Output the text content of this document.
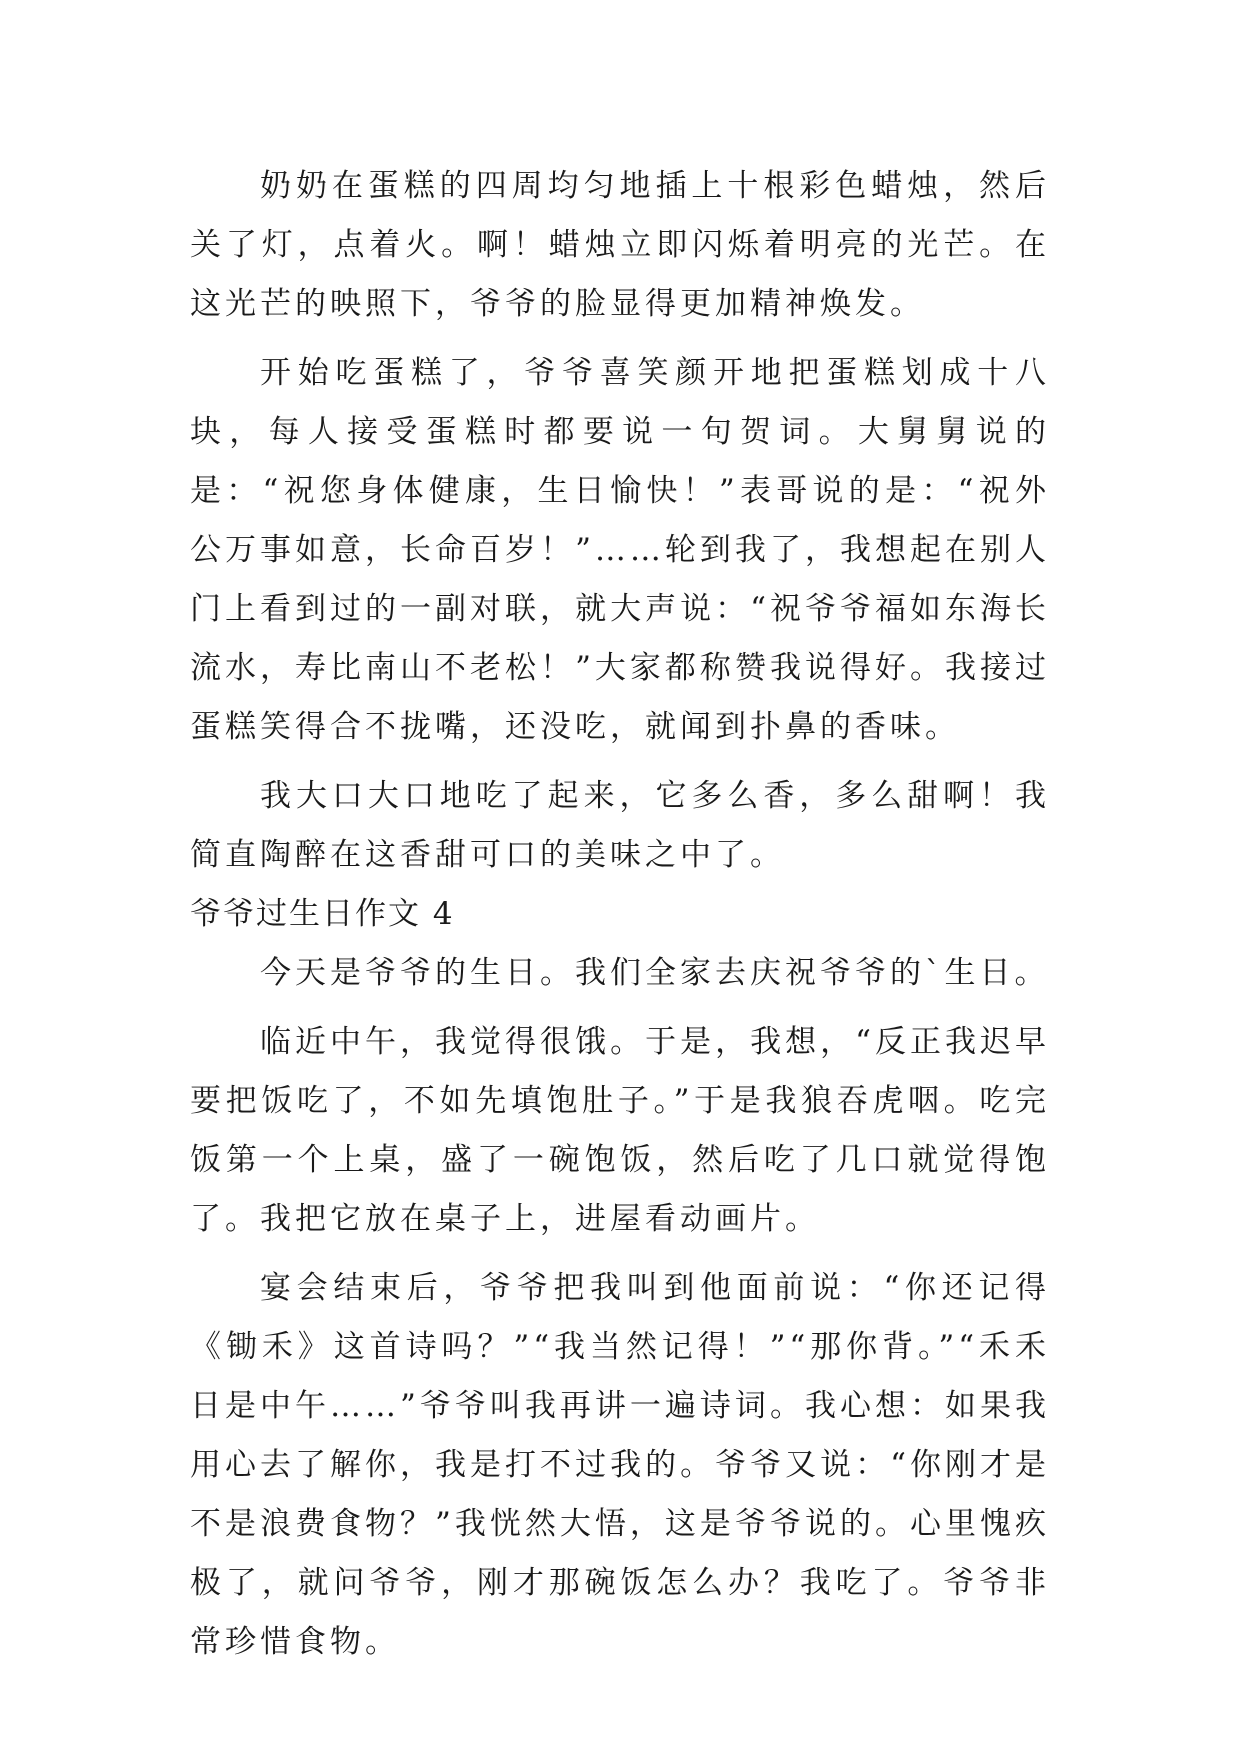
奶奶在蛋糕的四周均匀地插上十根彩色蜡烛，然后关了灯，点着火。啊！蜡烛立即闪烁着明亮的光芒。在这光芒的映照下，爷爷的脸显得更加精神焕发。

开始吃蛋糕了，爷爷喜笑颜开地把蛋糕划成十八块，每人接受蛋糕时都要说一句贺词。大舅舅说的是：“祝您身体健康，生日愉快！”表哥说的是：“祝外公万事如意，长命百岁！”……轮到我了，我想起在别人门上看到过的一副对联，就大声说：“祝爷爷福如东海长流水，寿比南山不老松！”大家都称赞我说得好。我接过蛋糕笑得合不拢嘴，还没吃，就闻到扑鼻的香味。

我大口大口地吃了起来，它多么香，多么甜啊！我简直陶醉在这香甜可口的美味之中了。

爷爷过生日作文 4

今天是爷爷的生日。我们全家去庆祝爷爷的`生日。

临近中午，我觉得很饿。于是，我想，“反正我迟早要把饭吃了，不如先填饱肚子。”于是我狼吞虎咽。吃完饭第一个上桌，盛了一碗饱饭，然后吃了几口就觉得饱了。我把它放在桌子上，进屋看动画片。

宴会结束后，爷爷把我叫到他面前说：“你还记得《锄禾》这首诗吗？”“我当然记得！”“那你背。”“禾禾日是中午……”爷爷叫我再讲一遍诗词。我心想：如果我用心去了解你，我是打不过我的。爷爷又说：“你刚才是不是浪费食物？”我恍然大悟，这是爷爷说的。心里愧疚极了，就问爷爷，刚才那碗饭怎么办？我吃了。爷爷非常珍惜食物。
